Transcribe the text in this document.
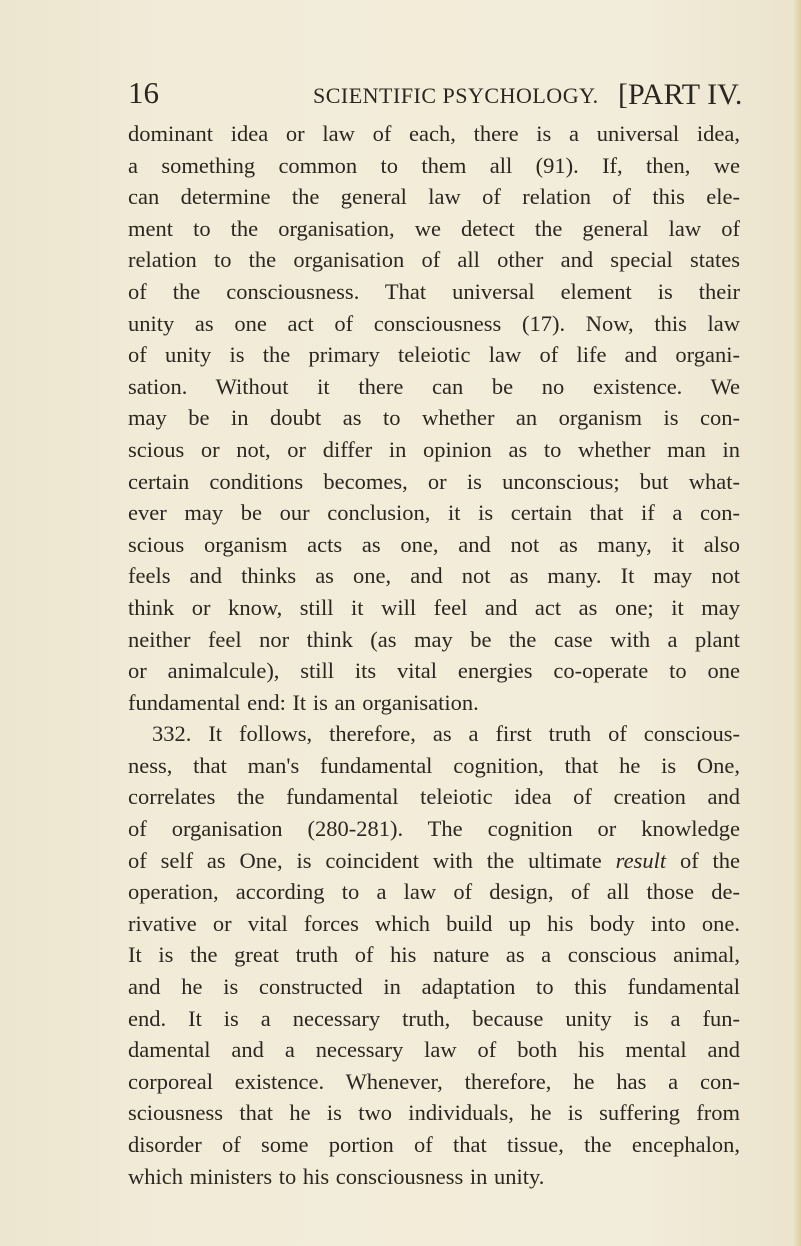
16	SCIENTIFIC PSYCHOLOGY. [PART IV.
dominant idea or law of each, there is a universal idea,
a something common to them all (91). If, then, we
can determine the general law of relation of this ele-
ment to the organisation, we detect the general law of
relation to the organisation of all other and special states
of the consciousness. That universal element is their
unity as one act of consciousness (17). Now, this law
of unity is the primary teleiotic law of life and organi-
sation. Without it there can be no existence. We
may be in doubt as to whether an organism is con-
scious or not, or differ in opinion as to whether man in
certain conditions becomes, or is unconscious; but what-
ever may be our conclusion, it is certain that if a con-
scious organism acts as one, and not as many, it also
feels and thinks as one, and not as many. It may not
think or know, still it will feel and act as one; it may
neither feel nor think (as may be the case with a plant
or animalcule), still its vital energies co-operate to one
fundamental end: It is an organisation.
332. It follows, therefore, as a first truth of conscious-
ness, that man's fundamental cognition, that he is One,
correlates the fundamental teleiotic idea of creation and
of organisation (280-281). The cognition or knowledge
of self as One, is coincident with the ultimate result of the
operation, according to a law of design, of all those de-
rivative or vital forces which build up his body into one.
It is the great truth of his nature as a conscious animal,
and he is constructed in adaptation to this fundamental
end. It is a necessary truth, because unity is a fun-
damental and a necessary law of both his mental and
corporeal existence. Whenever, therefore, he has a con-
sciousness that he is two individuals, he is suffering from
disorder of some portion of that tissue, the encephalon,
which ministers to his consciousness in unity.
